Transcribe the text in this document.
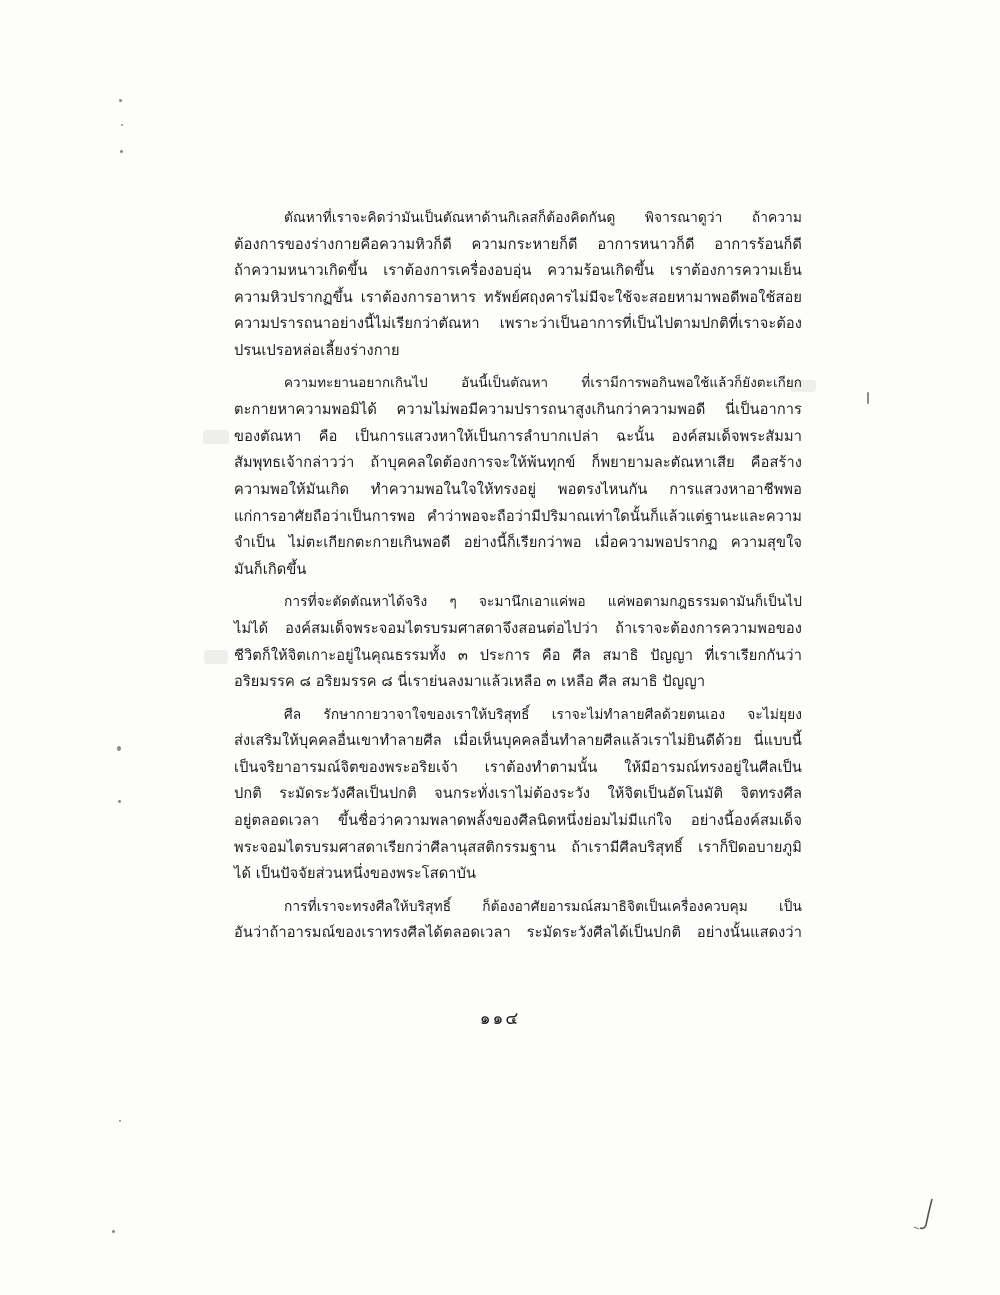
ตัณหาที่เราจะคิดว่ามันเป็นตัณหาด้านกิเลสก็ต้องคิดกันดู พิจารณาดูว่า ถ้าความ
ต้องการของร่างกายคือความหิวก็ดี ความกระหายก็ดี อาการหนาวก็ดี อาการร้อนก็ดี
ถ้าความหนาวเกิดขึ้น เราต้องการเครื่องอบอุ่น ความร้อนเกิดขึ้น เราต้องการความเย็น
ความหิวปรากฏขึ้น เราต้องการอาหาร ทรัพย์ศฤงคารไม่มีจะใช้จะสอยหามาพอดีพอใช้สอย
ความปรารถนาอย่างนี้ไม่เรียกว่าตัณหา เพราะว่าเป็นอาการที่เป็นไปตามปกติที่เราจะต้อง
ปรนเปรอหล่อเลี้ยงร่างกาย
ความทะยานอยากเกินไป อันนี้เป็นตัณหา ที่เรามีการพอกินพอใช้แล้วก็ยังตะเกียก
ตะกายหาความพอมิได้ ความไม่พอมีความปรารถนาสูงเกินกว่าความพอดี นี่เป็นอาการ
ของตัณหา คือ เป็นการแสวงหาให้เป็นการลำบากเปล่า ฉะนั้น องค์สมเด็จพระสัมมา
สัมพุทธเจ้ากล่าวว่า ถ้าบุคคลใดต้องการจะให้พ้นทุกข์ ก็พยายามละตัณหาเสีย คือสร้าง
ความพอให้มันเกิด ทำความพอในใจให้ทรงอยู่ พอตรงไหนกัน การแสวงหาอาชีพพอ
แก่การอาศัยถือว่าเป็นการพอ คำว่าพอจะถือว่ามีปริมาณเท่าใดนั้นก็แล้วแต่ฐานะและความ
จำเป็น ไม่ตะเกียกตะกายเกินพอดี อย่างนี้ก็เรียกว่าพอ เมื่อความพอปรากฏ ความสุขใจ
มันก็เกิดขึ้น
การที่จะตัดตัณหาได้จริง ๆ จะมานึกเอาแค่พอ แค่พอตามกฎธรรมดามันก็เป็นไป
ไม่ได้ องค์สมเด็จพระจอมไตรบรมศาสดาจึงสอนต่อไปว่า ถ้าเราจะต้องการความพอของ
ชีวิตก็ให้จิตเกาะอยู่ในคุณธรรมทั้ง ๓ ประการ คือ ศีล สมาธิ ปัญญา ที่เราเรียกกันว่า
อริยมรรค ๘ อริยมรรค ๘ นี่เราย่นลงมาแล้วเหลือ ๓ เหลือ ศีล สมาธิ ปัญญา
ศีล รักษากายวาจาใจของเราให้บริสุทธิ์ เราจะไม่ทำลายศีลด้วยตนเอง จะไม่ยุยง
ส่งเสริมให้บุคคลอื่นเขาทำลายศีล เมื่อเห็นบุคคลอื่นทำลายศีลแล้วเราไม่ยินดีด้วย นี่แบบนี้
เป็นจริยาอารมณ์จิตของพระอริยเจ้า เราต้องทำตามนั้น ให้มีอารมณ์ทรงอยู่ในศีลเป็น
ปกติ ระมัดระวังศีลเป็นปกติ จนกระทั่งเราไม่ต้องระวัง ให้จิตเป็นอัตโนมัติ จิตทรงศีล
อยู่ตลอดเวลา ขึ้นชื่อว่าความพลาดพลั้งของศีลนิดหนึ่งย่อมไม่มีแก่ใจ อย่างนี้องค์สมเด็จ
พระจอมไตรบรมศาสดาเรียกว่าศีลานุสสติกรรมฐาน ถ้าเรามีศีลบริสุทธิ์ เราก็ปิดอบายภูมิ
ได้ เป็นปัจจัยส่วนหนึ่งของพระโสดาบัน
การที่เราจะทรงศีลให้บริสุทธิ์ ก็ต้องอาศัยอารมณ์สมาธิจิตเป็นเครื่องควบคุม เป็น
อันว่าถ้าอารมณ์ของเราทรงศีลได้ตลอดเวลา ระมัดระวังศีลได้เป็นปกติ อย่างนั้นแสดงว่า
๑๑๔
